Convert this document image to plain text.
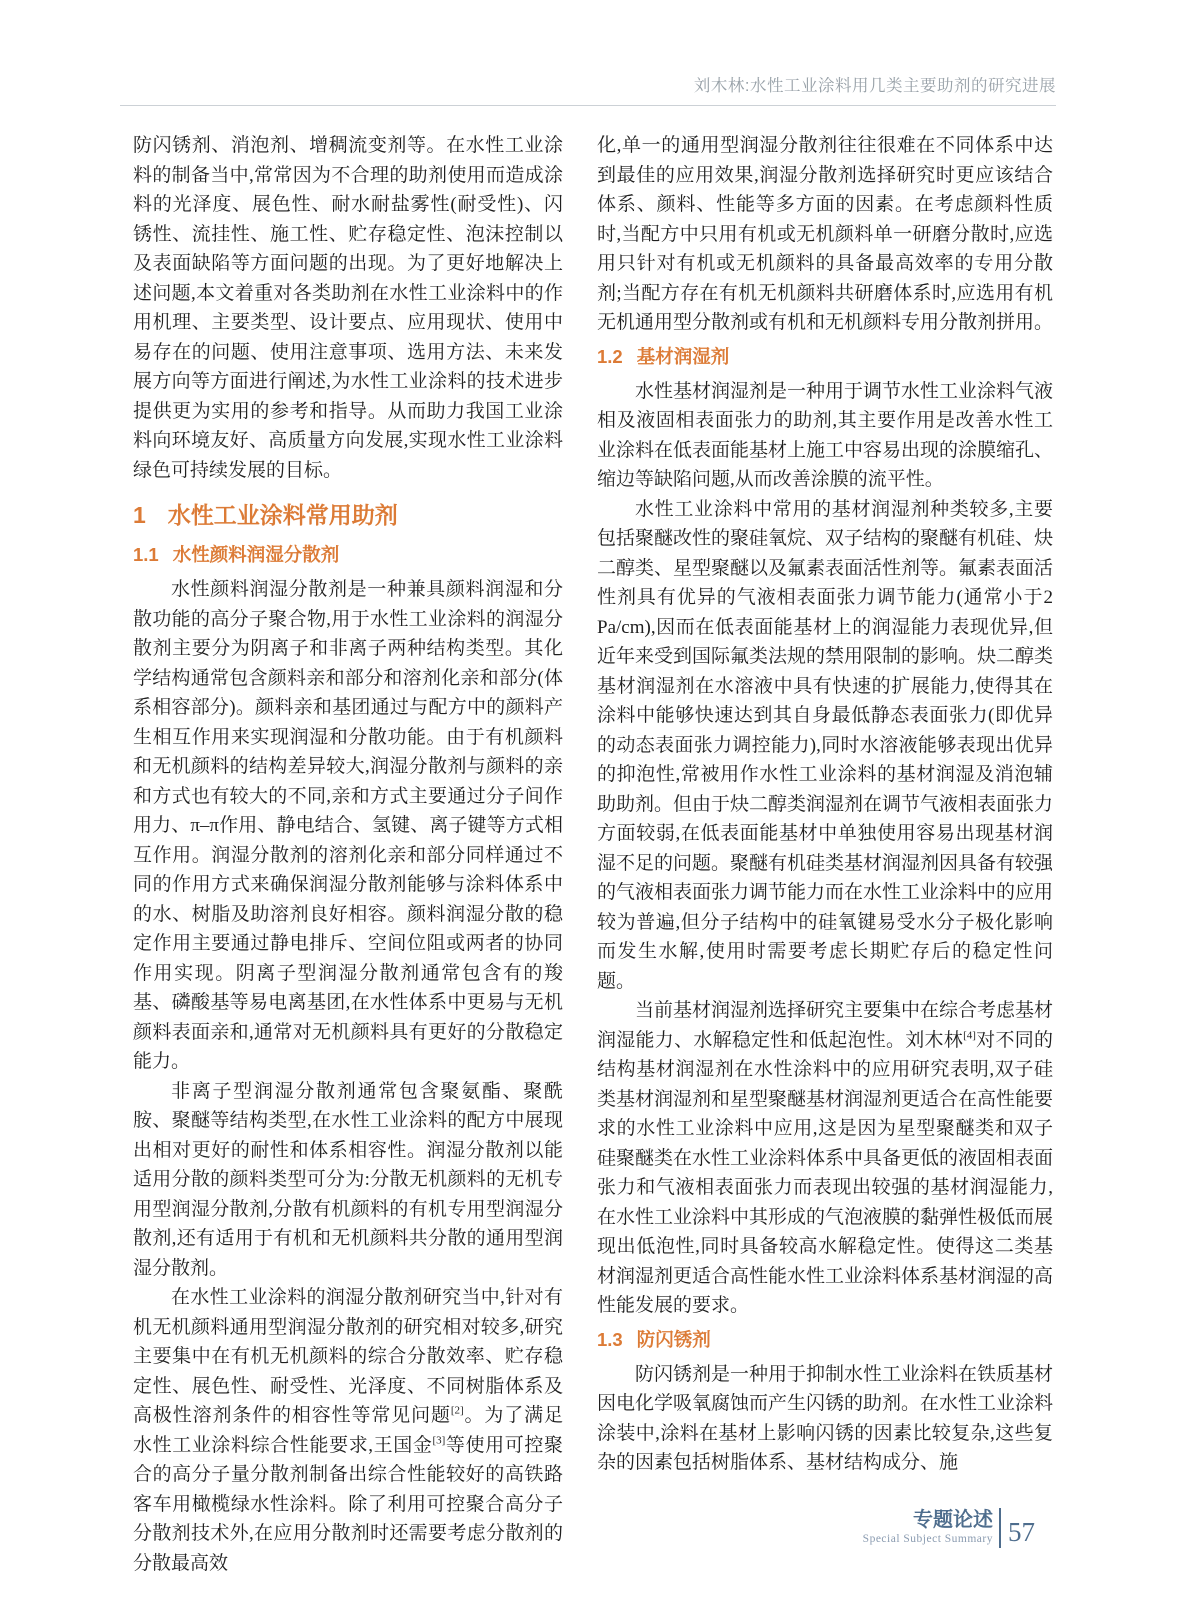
刘木林:水性工业涂料用几类主要助剂的研究进展

防闪锈剂、消泡剂、增稠流变剂等。在水性工业涂料的制备当中,常常因为不合理的助剂使用而造成涂料的光泽度、展色性、耐水耐盐雾性(耐受性)、闪锈性、流挂性、施工性、贮存稳定性、泡沫控制以及表面缺陷等方面问题的出现。为了更好地解决上述问题,本文着重对各类助剂在水性工业涂料中的作用机理、主要类型、设计要点、应用现状、使用中易存在的问题、使用注意事项、选用方法、未来发展方向等方面进行阐述,为水性工业涂料的技术进步提供更为实用的参考和指导。从而助力我国工业涂料向环境友好、高质量方向发展,实现水性工业涂料绿色可持续发展的目标。

1 水性工业涂料常用助剂
1.1 水性颜料润湿分散剂

水性颜料润湿分散剂是一种兼具颜料润湿和分散功能的高分子聚合物,用于水性工业涂料的润湿分散剂主要分为阴离子和非离子两种结构类型。其化学结构通常包含颜料亲和部分和溶剂化亲和部分(体系相容部分)。颜料亲和基团通过与配方中的颜料产生相互作用来实现润湿和分散功能。由于有机颜料和无机颜料的结构差异较大,润湿分散剂与颜料的亲和方式也有较大的不同,亲和方式主要通过分子间作用力、π–π作用、静电结合、氢键、离子键等方式相互作用。润湿分散剂的溶剂化亲和部分同样通过不同的作用方式来确保润湿分散剂能够与涂料体系中的水、树脂及助溶剂良好相容。颜料润湿分散的稳定作用主要通过静电排斥、空间位阻或两者的协同作用实现。阴离子型润湿分散剂通常包含有的羧基、磷酸基等易电离基团,在水性体系中更易与无机颜料表面亲和,通常对无机颜料具有更好的分散稳定能力。

非离子型润湿分散剂通常包含聚氨酯、聚酰胺、聚醚等结构类型,在水性工业涂料的配方中展现出相对更好的耐性和体系相容性。润湿分散剂以能适用分散的颜料类型可分为:分散无机颜料的无机专用型润湿分散剂,分散有机颜料的有机专用型润湿分散剂,还有适用于有机和无机颜料共分散的通用型润湿分散剂。

在水性工业涂料的润湿分散剂研究当中,针对有机无机颜料通用型润湿分散剂的研究相对较多,研究主要集中在有机无机颜料的综合分散效率、贮存稳定性、展色性、耐受性、光泽度、不同树脂体系及高极性溶剂条件的相容性等常见问题[2]。为了满足水性工业涂料综合性能要求,王国金[3]等使用可控聚合的高分子量分散剂制备出综合性能较好的高铁路客车用橄榄绿水性涂料。除了利用可控聚合高分子分散剂技术外,在应用分散剂时还需要考虑分散剂的分散最高效

化,单一的通用型润湿分散剂往往很难在不同体系中达到最佳的应用效果,润湿分散剂选择研究时更应该结合体系、颜料、性能等多方面的因素。在考虑颜料性质时,当配方中只用有机或无机颜料单一研磨分散时,应选用只针对有机或无机颜料的具备最高效率的专用分散剂;当配方存在有机无机颜料共研磨体系时,应选用有机无机通用型分散剂或有机和无机颜料专用分散剂拼用。

1.2 基材润湿剂

水性基材润湿剂是一种用于调节水性工业涂料气液相及液固相表面张力的助剂,其主要作用是改善水性工业涂料在低表面能基材上施工中容易出现的涂膜缩孔、缩边等缺陷问题,从而改善涂膜的流平性。

水性工业涂料中常用的基材润湿剂种类较多,主要包括聚醚改性的聚硅氧烷、双子结构的聚醚有机硅、炔二醇类、星型聚醚以及氟素表面活性剂等。氟素表面活性剂具有优异的气液相表面张力调节能力(通常小于2 Pa/cm),因而在低表面能基材上的润湿能力表现优异,但近年来受到国际氟类法规的禁用限制的影响。炔二醇类基材润湿剂在水溶液中具有快速的扩展能力,使得其在涂料中能够快速达到其自身最低静态表面张力(即优异的动态表面张力调控能力),同时水溶液能够表现出优异的抑泡性,常被用作水性工业涂料的基材润湿及消泡辅助助剂。但由于炔二醇类润湿剂在调节气液相表面张力方面较弱,在低表面能基材中单独使用容易出现基材润湿不足的问题。聚醚有机硅类基材润湿剂因具备有较强的气液相表面张力调节能力而在水性工业涂料中的应用较为普遍,但分子结构中的硅氧键易受水分子极化影响而发生水解,使用时需要考虑长期贮存后的稳定性问题。

当前基材润湿剂选择研究主要集中在综合考虑基材润湿能力、水解稳定性和低起泡性。刘木林[4]对不同的结构基材润湿剂在水性涂料中的应用研究表明,双子硅类基材润湿剂和星型聚醚基材润湿剂更适合在高性能要求的水性工业涂料中应用,这是因为星型聚醚类和双子硅聚醚类在水性工业涂料体系中具备更低的液固相表面张力和气液相表面张力而表现出较强的基材润湿能力,在水性工业涂料中其形成的气泡液膜的黏弹性极低而展现出低泡性,同时具备较高水解稳定性。使得这二类基材润湿剂更适合高性能水性工业涂料体系基材润湿的高性能发展的要求。

1.3 防闪锈剂

防闪锈剂是一种用于抑制水性工业涂料在铁质基材因电化学吸氧腐蚀而产生闪锈的助剂。在水性工业涂料涂装中,涂料在基材上影响闪锈的因素比较复杂,这些复杂的因素包括树脂体系、基材结构成分、施

专题论述
Special Subject Summary 57
